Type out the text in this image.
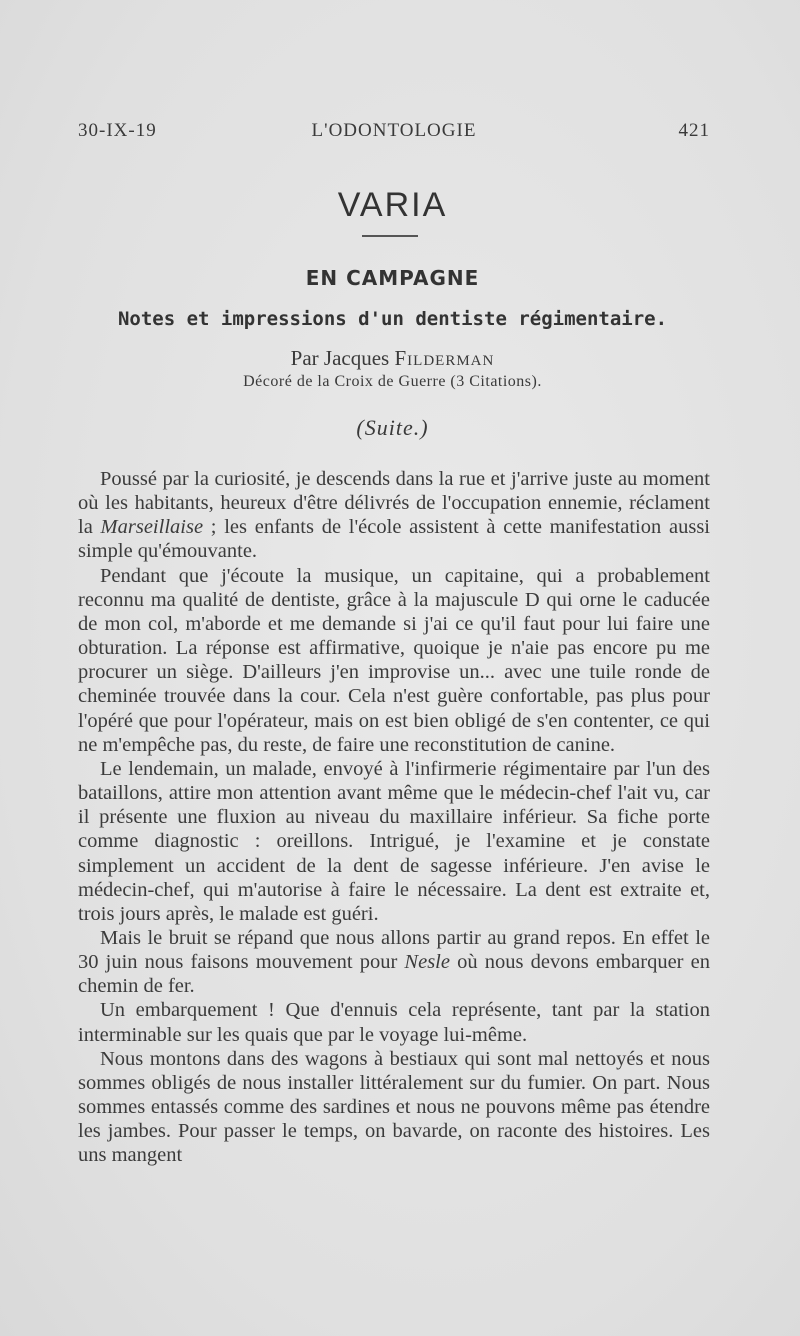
30-IX-19	L'ODONTOLOGIE	421
VARIA
EN CAMPAGNE
Notes et impressions d'un dentiste régimentaire.
Par Jacques Filderman
Décoré de la Croix de Guerre (3 Citations).
(Suite.)

Poussé par la curiosité, je descends dans la rue et j'arrive juste au moment où les habitants, heureux d'être délivrés de l'occupation ennemie, réclament la Marseillaise ; les enfants de l'école assistent à cette manifestation aussi simple qu'émouvante.

Pendant que j'écoute la musique, un capitaine, qui a probablement reconnu ma qualité de dentiste, grâce à la majuscule D qui orne le caducée de mon col, m'aborde et me demande si j'ai ce qu'il faut pour lui faire une obturation. La réponse est affirmative, quoique je n'aie pas encore pu me procurer un siège. D'ailleurs j'en improvise un... avec une tuile ronde de cheminée trouvée dans la cour. Cela n'est guère confortable, pas plus pour l'opéré que pour l'opérateur, mais on est bien obligé de s'en contenter, ce qui ne m'empêche pas, du reste, de faire une reconstitution de canine.

Le lendemain, un malade, envoyé à l'infirmerie régimentaire par l'un des bataillons, attire mon attention avant même que le médecin-chef l'ait vu, car il présente une fluxion au niveau du maxillaire inférieur. Sa fiche porte comme diagnostic : oreillons. Intrigué, je l'examine et je constate simplement un accident de la dent de sagesse inférieure. J'en avise le médecin-chef, qui m'autorise à faire le nécessaire. La dent est extraite et, trois jours après, le malade est guéri.

Mais le bruit se répand que nous allons partir au grand repos. En effet le 30 juin nous faisons mouvement pour Nesle où nous devons embarquer en chemin de fer.

Un embarquement ! Que d'ennuis cela représente, tant par la station interminable sur les quais que par le voyage lui-même.

Nous montons dans des wagons à bestiaux qui sont mal nettoyés et nous sommes obligés de nous installer littéralement sur du fumier. On part. Nous sommes entassés comme des sardines et nous ne pouvons même pas étendre les jambes. Pour passer le temps, on bavarde, on raconte des histoires. Les uns mangent
